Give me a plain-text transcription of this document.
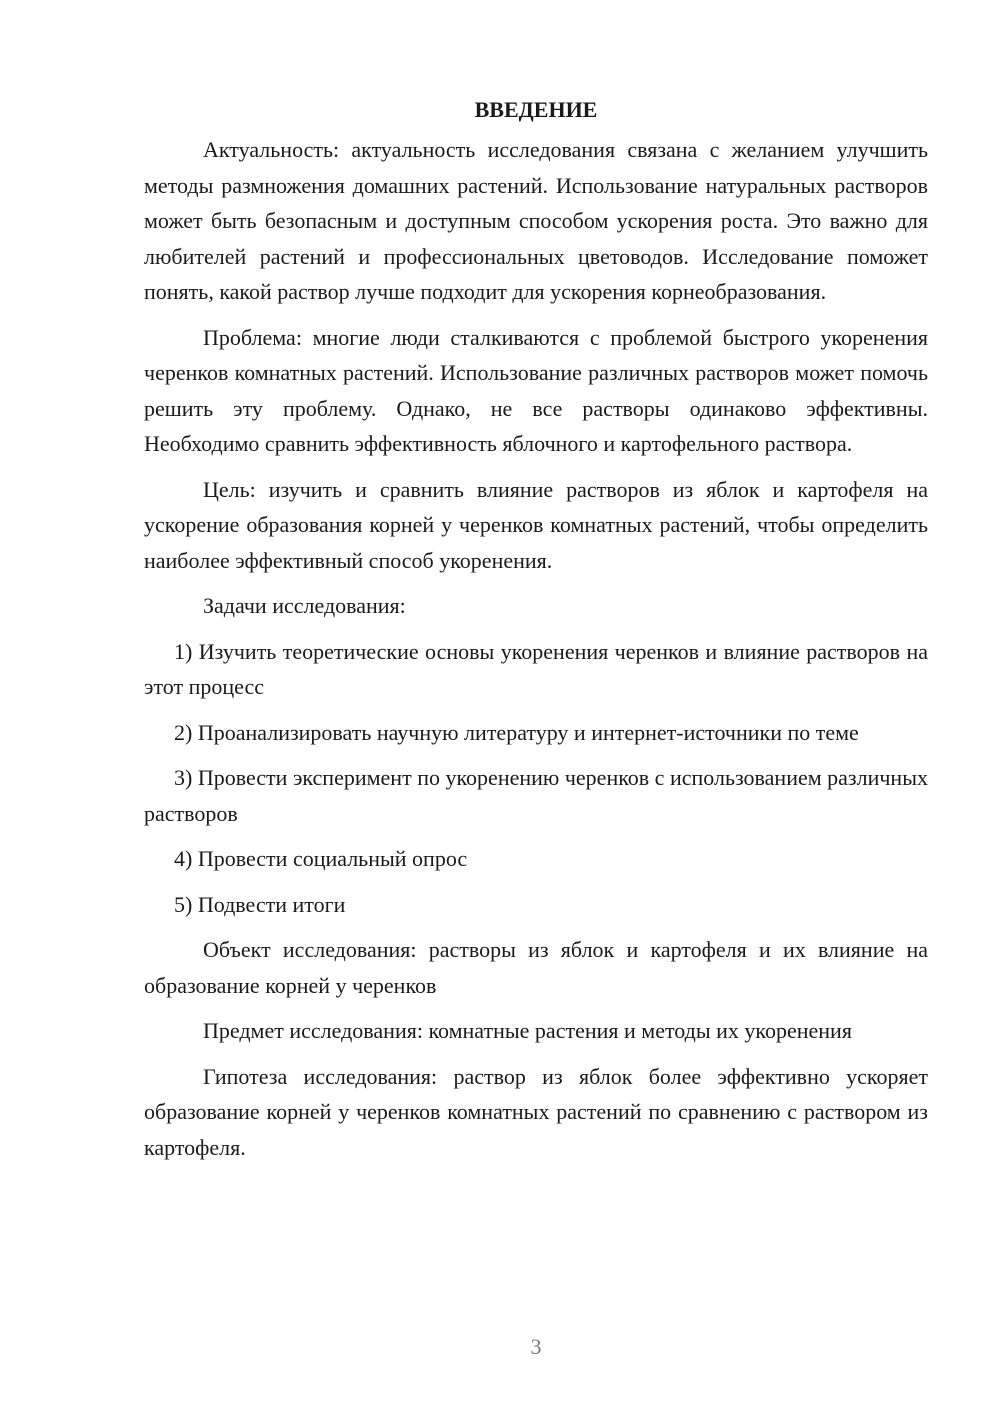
ВВЕДЕНИЕ

Актуальность: актуальность исследования связана с желанием улучшить методы размножения домашних растений. Использование натуральных растворов может быть безопасным и доступным способом ускорения роста. Это важно для любителей растений и профессиональных цветоводов. Исследование поможет понять, какой раствор лучше подходит для ускорения корнеобразования.

Проблема: многие люди сталкиваются с проблемой быстрого укоренения черенков комнатных растений. Использование различных растворов может помочь решить эту проблему. Однако, не все растворы одинаково эффективны. Необходимо сравнить эффективность яблочного и картофельного раствора.

Цель: изучить и сравнить влияние растворов из яблок и картофеля на ускорение образования корней у черенков комнатных растений, чтобы определить наиболее эффективный способ укоренения.

Задачи исследования:

1) Изучить теоретические основы укоренения черенков и влияние растворов на этот процесс

2) Проанализировать научную литературу и интернет-источники по теме

3) Провести эксперимент по укоренению черенков с использованием различных растворов

4) Провести социальный опрос

5) Подвести итоги

Объект исследования: растворы из яблок и картофеля и их влияние на образование корней у черенков

Предмет исследования: комнатные растения и методы их укоренения

Гипотеза исследования: раствор из яблок более эффективно ускоряет образование корней у черенков комнатных растений по сравнению с раствором из картофеля.

3
